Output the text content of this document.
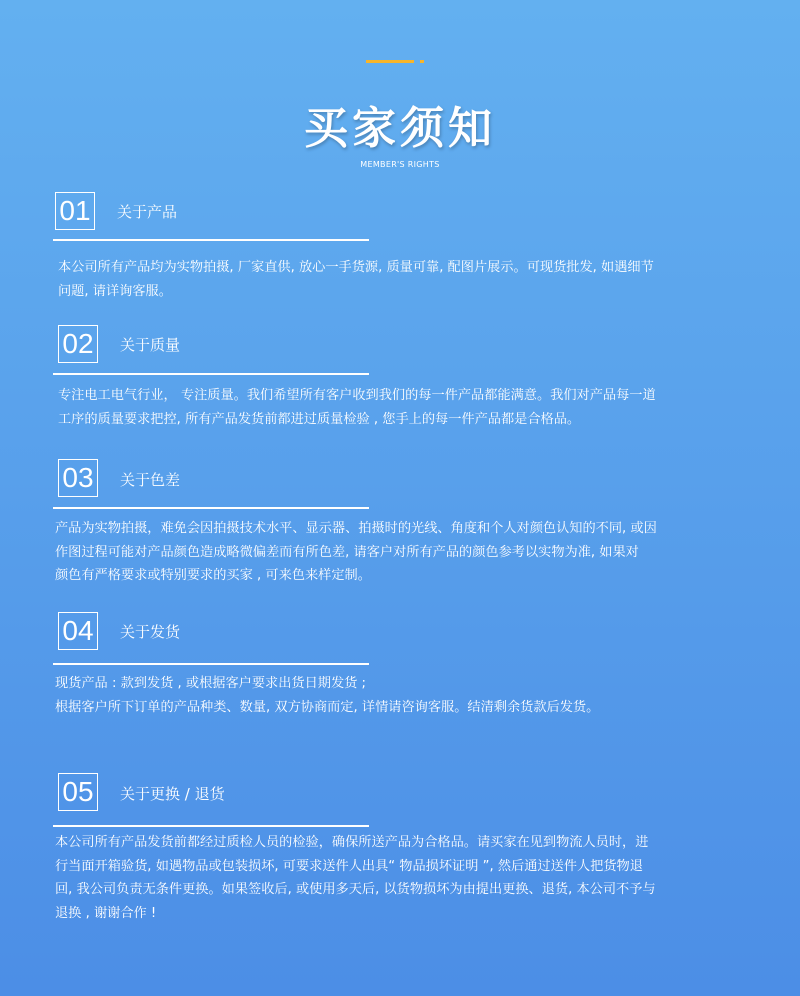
买家须知

MEMBER'S RIGHTS

01 关于产品
本公司所有产品均为实物拍摄, 厂家直供, 放心一手货源, 质量可靠, 配图片展示。可现货批发, 如遇细节
问题, 请详询客服。
02 关于质量
专注电工电气行业， 专注质量。我们希望所有客户收到我们的每一件产品都能满意。我们对产品每一道
工序的质量要求把控, 所有产品发货前都进过质量检验 , 您手上的每一件产品都是合格品。
03 关于色差
产品为实物拍摄，难免会因拍摄技术水平、显示器、拍摄时的光线、角度和个人对颜色认知的不同, 或因
作图过程可能对产品颜色造成略微偏差而有所色差, 请客户对所有产品的颜色参考以实物为准, 如果对
颜色有严格要求或特别要求的买家 , 可来色来样定制。
04 关于发货
现货产品 : 款到发货 , 或根据客户要求出货日期发货 ;
根据客户所下订单的产品种类、数量, 双方协商而定, 详情请咨询客服。结清剩余货款后发货。
05 关于更换 / 退货
本公司所有产品发货前都经过质检人员的检验，确保所送产品为合格品。请买家在见到物流人员时，进
行当面开箱验货, 如遇物品或包装损坏, 可要求送件人出具“ 物品损坏证明 ”, 然后通过送件人把货物退
回, 我公司负责无条件更换。如果签收后, 或使用多天后, 以货物损坏为由提出更换、退货, 本公司不予与
退换 , 谢谢合作 !
